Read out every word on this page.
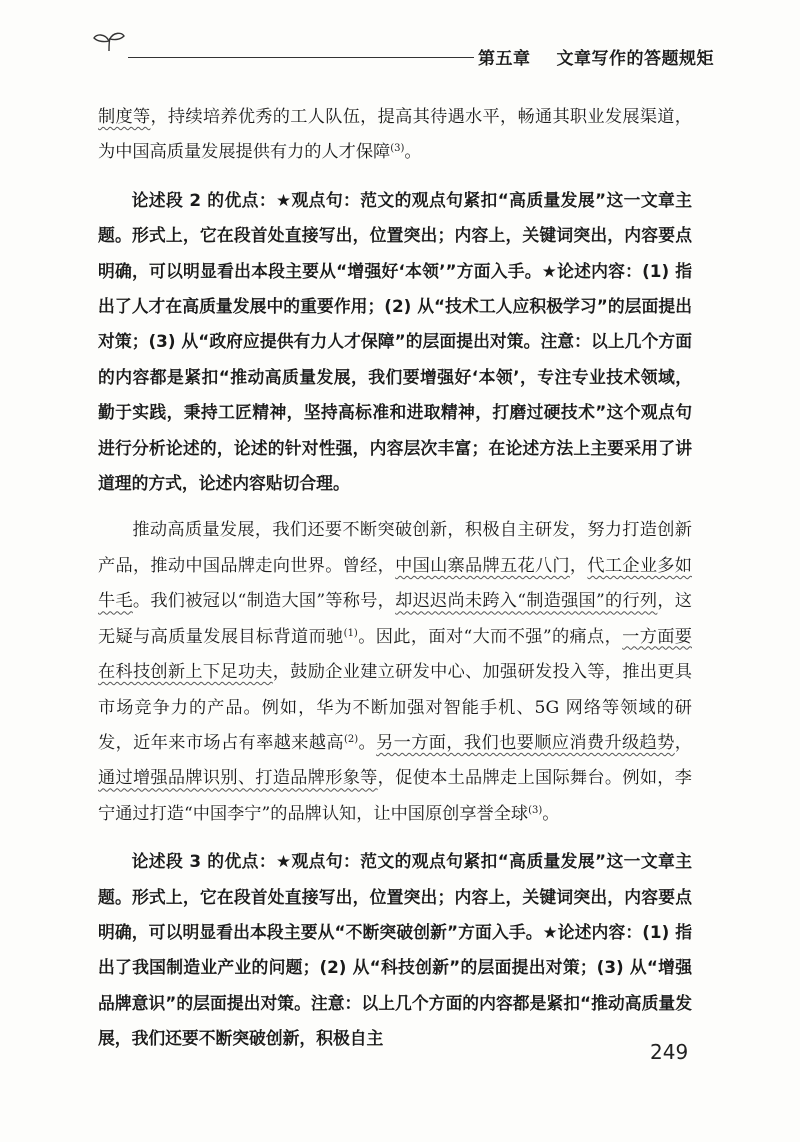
第五章 文章写作的答题规矩

制度等，持续培养优秀的工人队伍，提高其待遇水平，畅通其职业发展渠道，为中国高质量发展提供有力的人才保障$^{(3)}$。

论述段 2 的优点：★观点句：范文的观点句紧扣“高质量发展”这一文章主题。形式上，它在段首处直接写出，位置突出；内容上，关键词突出，内容要点明确，可以明显看出本段主要从“增强好‘本领’”方面入手。★论述内容：(1) 指出了人才在高质量发展中的重要作用；(2) 从“技术工人应积极学习”的层面提出对策；(3) 从“政府应提供有力人才保障”的层面提出对策。注意：以上几个方面的内容都是紧扣“推动高质量发展，我们要增强好‘本领’，专注专业技术领域，勤于实践，秉持工匠精神，坚持高标准和进取精神，打磨过硬技术”这个观点句进行分析论述的，论述的针对性强，内容层次丰富；在论述方法上主要采用了讲道理的方式，论述内容贴切合理。

推动高质量发展，我们还要不断突破创新，积极自主研发，努力打造创新产品，推动中国品牌走向世界。曾经，中国山寨品牌五花八门，代工企业多如牛毛。我们被冠以“制造大国”等称号，却迟迟尚未跨入“制造强国”的行列，这无疑与高质量发展目标背道而驰$^{(1)}$。因此，面对“大而不强”的痛点，一方面要在科技创新上下足功夫，鼓励企业建立研发中心、加强研发投入等，推出更具市场竞争力的产品。例如，华为不断加强对智能手机、5G 网络等领域的研发，近年来市场占有率越来越高$^{(2)}$。另一方面，我们也要顺应消费升级趋势，通过增强品牌识别、打造品牌形象等，促使本土品牌走上国际舞台。例如，李宁通过打造“中国李宁”的品牌认知，让中国原创享誉全球$^{(3)}$。

论述段 3 的优点：★观点句：范文的观点句紧扣“高质量发展”这一文章主题。形式上，它在段首处直接写出，位置突出；内容上，关键词突出，内容要点明确，可以明显看出本段主要从“不断突破创新”方面入手。★论述内容：(1) 指出了我国制造业产业的问题；(2) 从“科技创新”的层面提出对策；(3) 从“增强品牌意识”的层面提出对策。注意：以上几个方面的内容都是紧扣“推动高质量发展，我们还要不断突破创新，积极自主

249
